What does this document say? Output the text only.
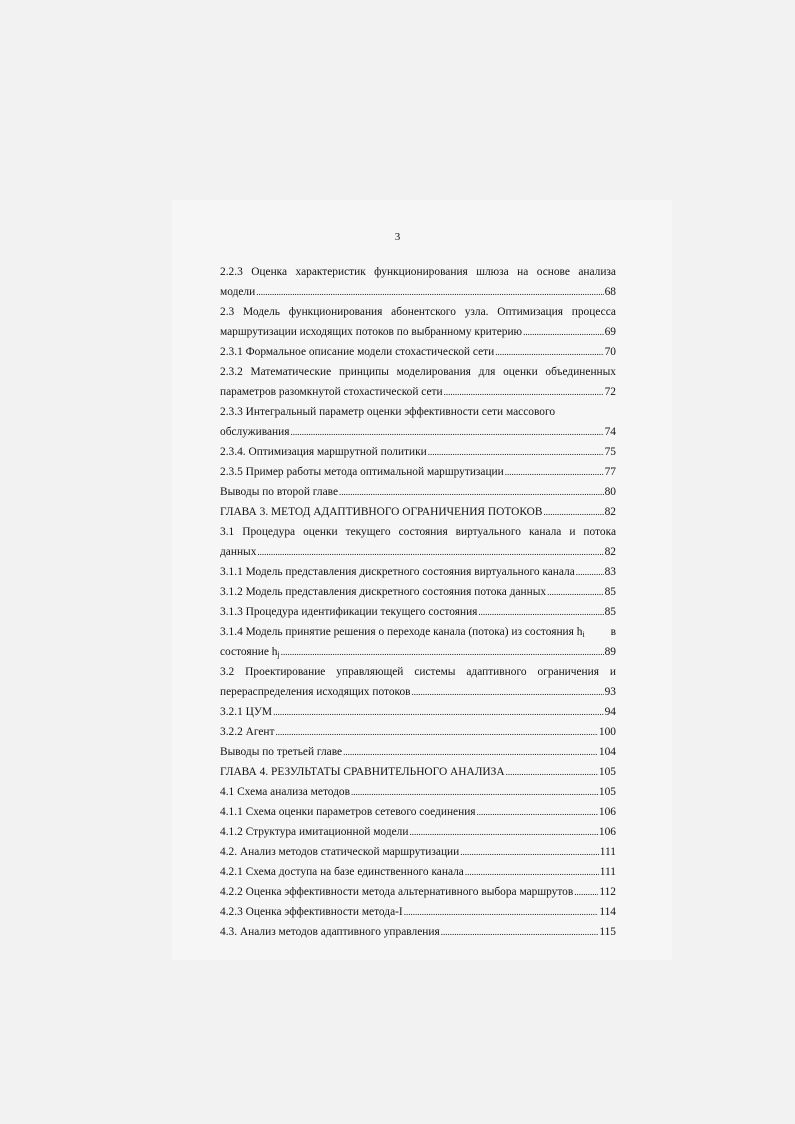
3
2.2.3 Оценка характеристик функционирования шлюза на основе анализа
модели .....	68
2.3 Модель функционирования абонентского узла. Оптимизация процесса
маршрутизации исходящих потоков по выбранному критерию .....	69
2.3.1 Формальное описание модели стохастической сети .....	70
2.3.2 Математические принципы моделирования для оценки объединенных
параметров разомкнутой стохастической сети .....	72
2.3.3 Интегральный параметр оценки эффективности сети массового
обслуживания .....	74
2.3.4. Оптимизация маршрутной политики .....	75
2.3.5 Пример работы метода оптимальной маршрутизации .....	77
Выводы по второй главе .....	80
ГЛАВА 3. МЕТОД АДАПТИВНОГО ОГРАНИЧЕНИЯ ПОТОКОВ .....	82
3.1 Процедура оценки текущего состояния виртуального канала и потока
данных .....	82
3.1.1 Модель представления дискретного состояния виртуального канала .....	83
3.1.2 Модель представления дискретного состояния потока данных .....	85
3.1.3 Процедура идентификации текущего состояния .....	85
3.1.4 Модель принятие решения о переходе канала (потока) из состояния $h_i$ в
состояние $h_j$ .....	89
3.2 Проектирование управляющей системы адаптивного ограничения и
перераспределения исходящих потоков .....	93
3.2.1 ЦУМ .....	94
3.2.2 Агент .....	100
Выводы по третьей главе .....	104
ГЛАВА 4. РЕЗУЛЬТАТЫ СРАВНИТЕЛЬНОГО АНАЛИЗА .....	105
4.1 Схема анализа методов .....	105
4.1.1 Схема оценки параметров сетевого соединения .....	106
4.1.2 Структура имитационной модели .....	106
4.2. Анализ методов статической маршрутизации .....	111
4.2.1 Схема доступа на базе единственного канала .....	111
4.2.2 Оценка эффективности метода альтернативного выбора маршрутов ..... 112
4.2.3 Оценка эффективности метода-I .....	114
4.3. Анализ методов адаптивного управления .....	115
